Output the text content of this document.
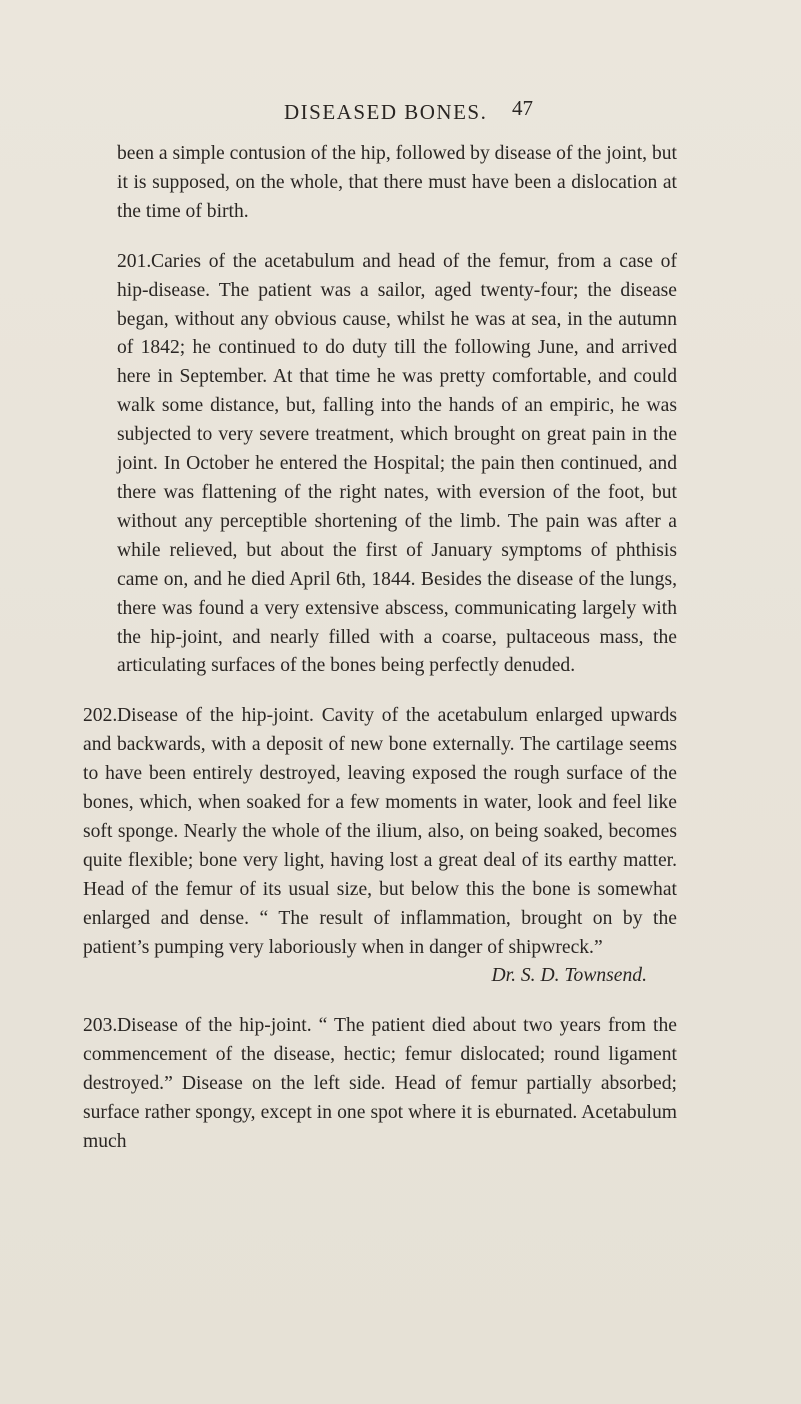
DISEASED BONES. 47

been a simple contusion of the hip, followed by disease of the joint, but it is supposed, on the whole, that there must have been a dislocation at the time of birth.

201.Caries of the acetabulum and head of the femur, from a case of hip-disease. The patient was a sailor, aged twenty-four; the disease began, without any obvious cause, whilst he was at sea, in the autumn of 1842; he continued to do duty till the following June, and arrived here in September. At that time he was pretty comfortable, and could walk some distance, but, falling into the hands of an empiric, he was subjected to very severe treatment, which brought on great pain in the joint. In October he entered the Hospital; the pain then continued, and there was flattening of the right nates, with eversion of the foot, but without any perceptible shortening of the limb. The pain was after a while relieved, but about the first of January symptoms of phthisis came on, and he died April 6th, 1844. Besides the disease of the lungs, there was found a very extensive abscess, communicating largely with the hip-joint, and nearly filled with a coarse, pultaceous mass, the articulating surfaces of the bones being perfectly denuded.

202.Disease of the hip-joint. Cavity of the acetabulum enlarged upwards and backwards, with a deposit of new bone externally. The cartilage seems to have been entirely destroyed, leaving exposed the rough surface of the bones, which, when soaked for a few moments in water, look and feel like soft sponge. Nearly the whole of the ilium, also, on being soaked, becomes quite flexible; bone very light, having lost a great deal of its earthy matter. Head of the femur of its usual size, but below this the bone is somewhat enlarged and dense. “ The result of inflammation, brought on by the patient’s pumping very laboriously when in danger of shipwreck.”

Dr. S. D. Townsend.

203.Disease of the hip-joint. “ The patient died about two years from the commencement of the disease, hectic; femur dislocated; round ligament destroyed.” Disease on the left side. Head of femur partially absorbed; surface rather spongy, except in one spot where it is eburnated. Acetabulum much
